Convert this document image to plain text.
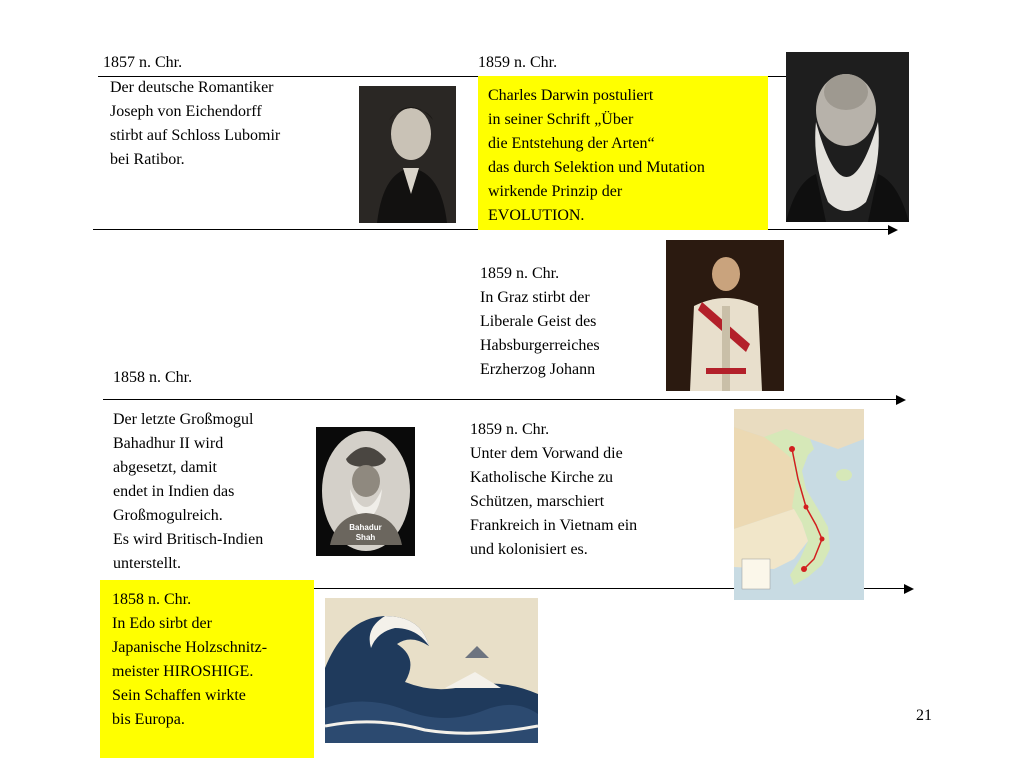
1857 n. Chr.
Der deutsche Romantiker
Joseph von Eichendorff
stirbt auf Schloss Lubomir
bei Ratibor.
1859 n. Chr.
Charles Darwin postuliert
in seiner Schrift „Über
die Entstehung der Arten“
das durch Selektion und Mutation
wirkende Prinzip der
EVOLUTION.
1859 n. Chr.
In Graz stirbt der
Liberale Geist des
Habsburgerreiches
Erzherzog Johann
1858 n. Chr.
Der letzte Großmogul
Bahadhur II wird
abgesetzt, damit
endet in Indien das
Großmogulreich.
Es wird Britisch-Indien
unterstellt.
Bahadur
Shah
1859 n. Chr.
Unter dem Vorwand die
Katholische Kirche zu
Schützen, marschiert
Frankreich in Vietnam ein
und kolonisiert es.
1858 n. Chr.
In Edo sirbt der
Japanische Holzschnitz-
meister HIROSHIGE.
Sein Schaffen wirkte
bis Europa.	21
